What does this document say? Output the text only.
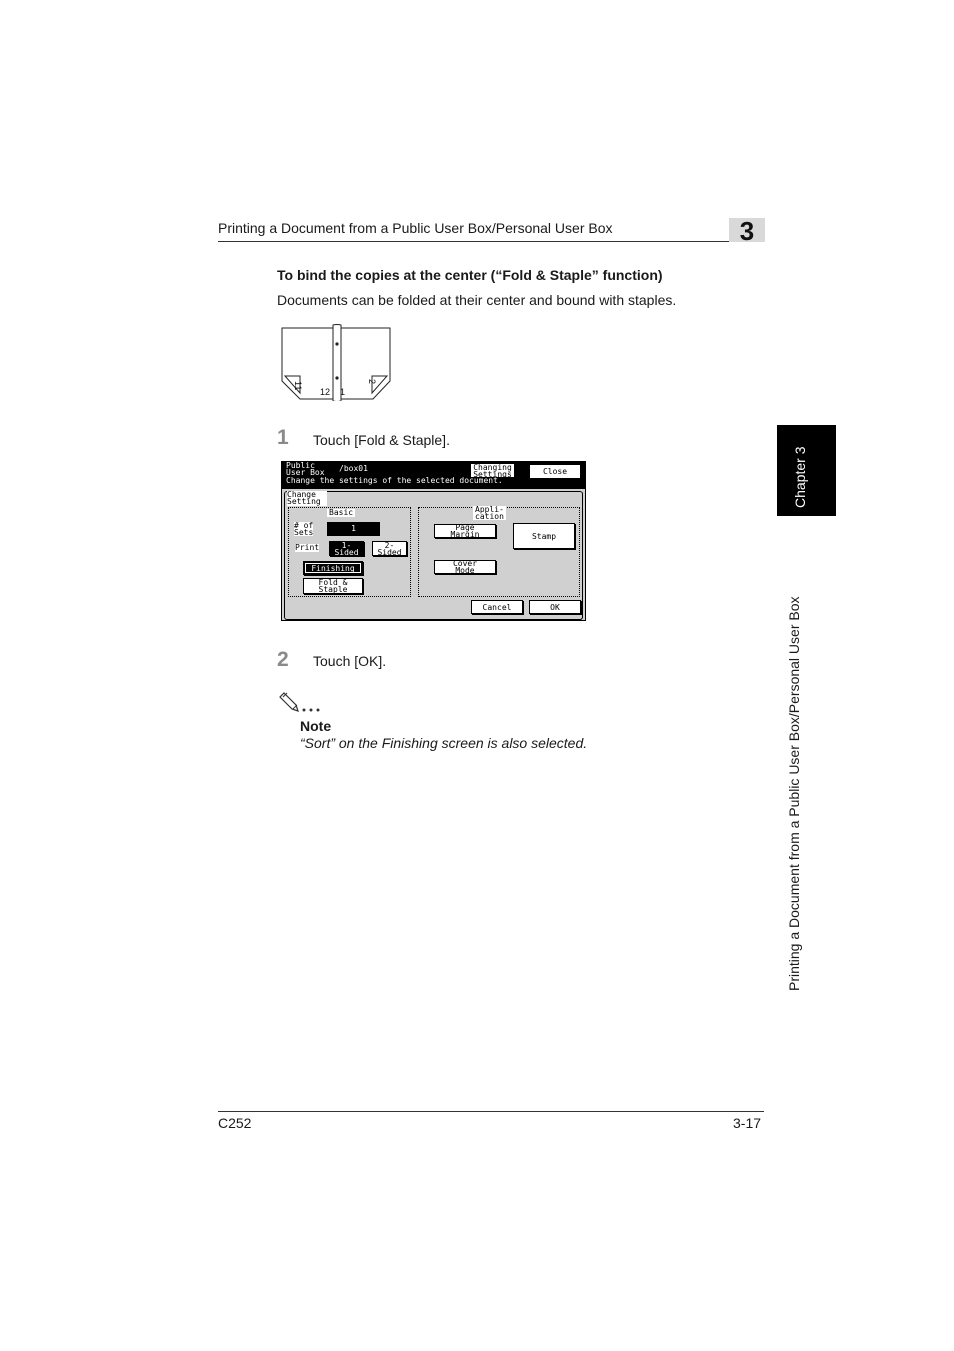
Printing a Document from a Public User Box/Personal User Box	3
Chapter 3
Printing a Document from a Public User Box/Personal User Box
To bind the copies at the center (“Fold & Staple” function)
Documents can be folded at their center and bound with staples.
11
12 1
2
1 Touch [Fold & Staple].
Public
User Box /box01	Changing
Settings	Close
Change the settings of the selected document.
Change
Setting
Basic
# of
Sets	1
Print	1-
Sided
2-
Sided
Finishing
Fold &
Staple
Appli-
cation
Page
Margin	Stamp
Cover
Mode
Cancel	OK
2 Touch [OK].
Note
“Sort” on the Finishing screen is also selected.
C252	3-17
